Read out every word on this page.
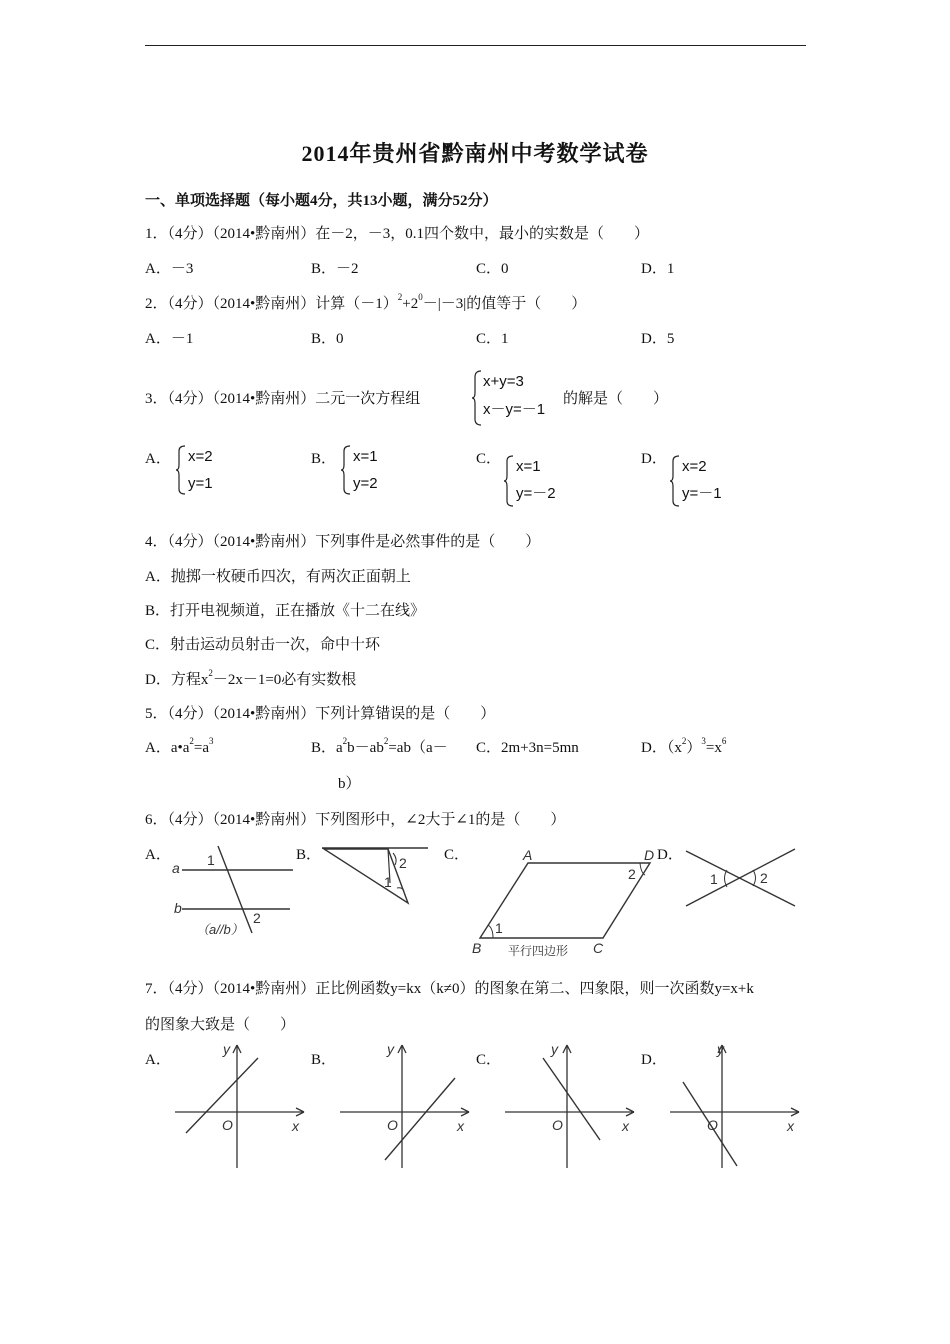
2014年贵州省黔南州中考数学试卷
一、单项选择题（每小题4分，共13小题，满分52分）
1．（4分）（2014•黔南州）在－2，－3，0.1四个数中，最小的实数是（　　）
A．－3	B．－2	C．0	D．1
2．（4分）（2014•黔南州）计算$(-1)^2+2^0-|-3|$的值等于（　　）
A．－1	B．0	C．1	D．5
3．（4分）（2014•黔南州）二元一次方程组
x+y=3
x－y=－1
的解是（　　）
A． x=2
y=1
B． x=1
y=2
C． x=1
y=－2
D． x=2
y=－1
4．（4分）（2014•黔南州）下列事件是必然事件的是（　　）
A．抛掷一枚硬币四次，有两次正面朝上
B．打开电视频道，正在播放《十二在线》
C．射击运动员射击一次，命中十环
D．方程$x^2-2x-1=0$必有实数根
5．（4分）（2014•黔南州）下列计算错误的是（　　）
A．$a•a^2=a^3$	B．$a^2b-ab^2=ab(a-$
b）
C．2m+3n=5mn	D．$(x^2)^3=x^6$
6．（4分）（2014•黔南州）下列图形中，∠2大于∠1的是（　　）
A．	B．	C．	D．
a
b
1
2
（a//b）
2
1
A	D
B	C
1
2
平行四边形
1	2
7．（4分）（2014•黔南州）正比例函数y=kx（k≠0）的图象在第二、四象限，则一次函数y=x+k
的图象大致是（　　）
A．	B．	C．	D．
y
x
O
y
x
O
y
x
O
y
x
O
